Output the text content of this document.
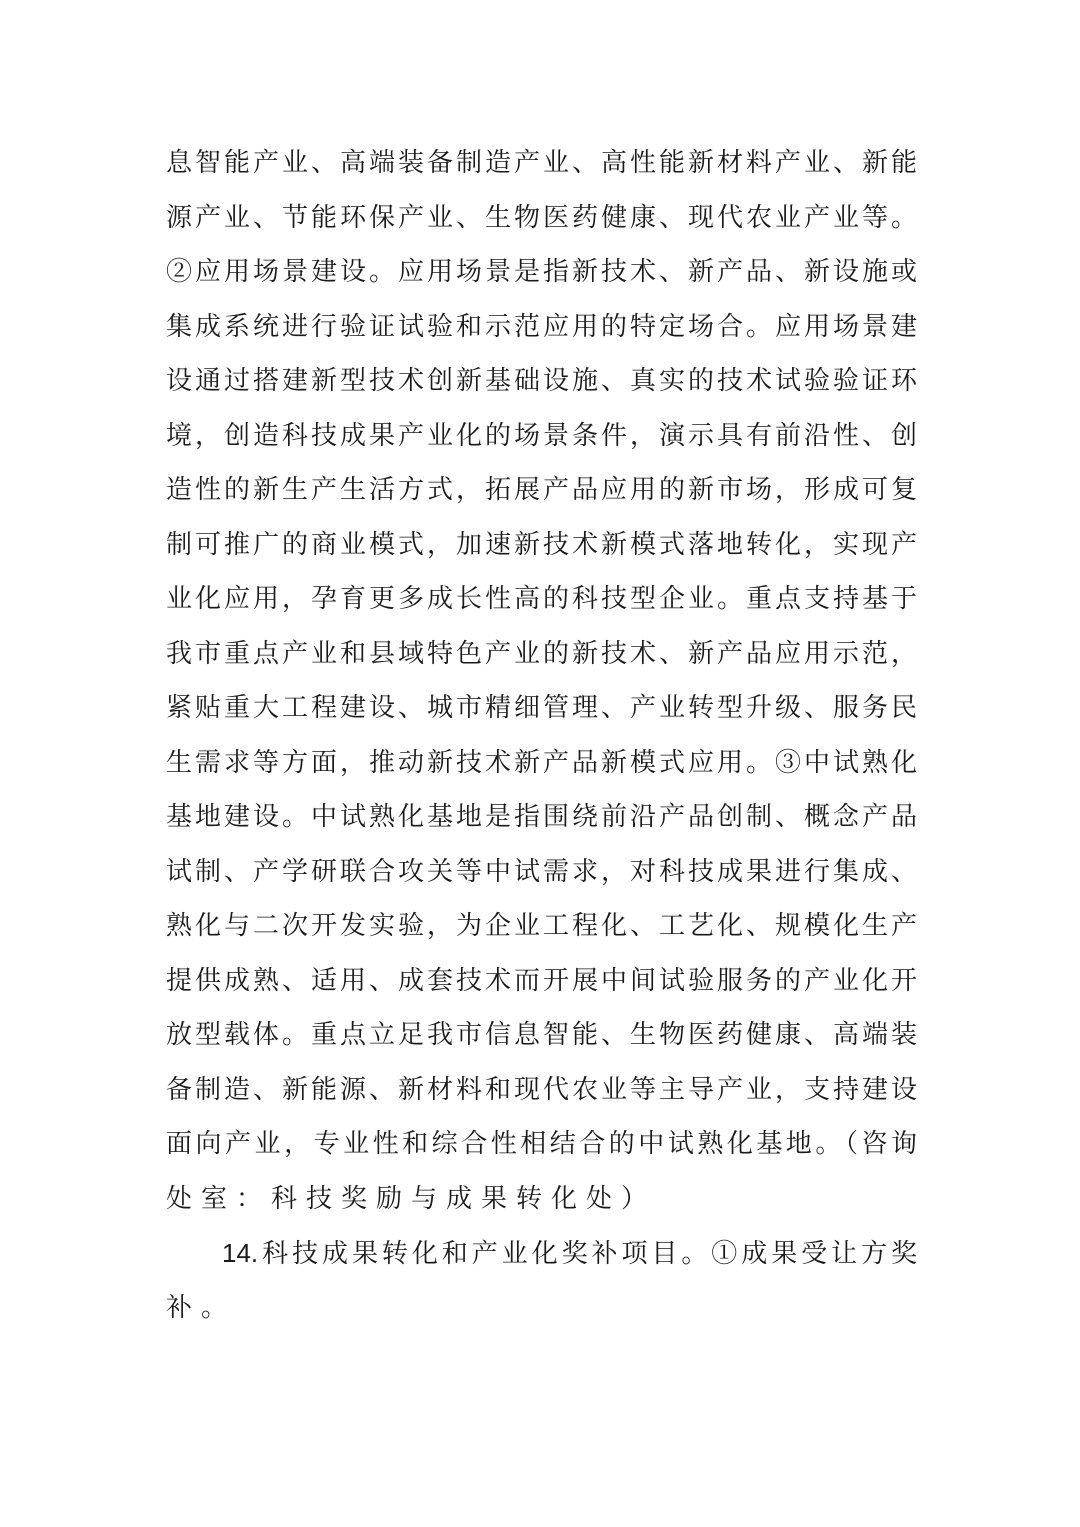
息智能产业、高端装备制造产业、高性能新材料产业、新能
源产业、节能环保产业、生物医药健康、现代农业产业等。
②应用场景建设。应用场景是指新技术、新产品、新设施或
集成系统进行验证试验和示范应用的特定场合。应用场景建
设通过搭建新型技术创新基础设施、真实的技术试验验证环
境，创造科技成果产业化的场景条件，演示具有前沿性、创
造性的新生产生活方式，拓展产品应用的新市场，形成可复
制可推广的商业模式，加速新技术新模式落地转化，实现产
业化应用，孕育更多成长性高的科技型企业。重点支持基于
我市重点产业和县域特色产业的新技术、新产品应用示范，
紧贴重大工程建设、城市精细管理、产业转型升级、服务民
生需求等方面，推动新技术新产品新模式应用。③中试熟化
基地建设。中试熟化基地是指围绕前沿产品创制、概念产品
试制、产学研联合攻关等中试需求，对科技成果进行集成、
熟化与二次开发实验，为企业工程化、工艺化、规模化生产
提供成熟、适用、成套技术而开展中间试验服务的产业化开
放型载体。重点立足我市信息智能、生物医药健康、高端装
备制造、新能源、新材料和现代农业等主导产业，支持建设
面向产业，专业性和综合性相结合的中试熟化基地。（咨询
处室：科技奖励与成果转化处）
14.科技成果转化和产业化奖补项目。①成果受让方奖
补。
